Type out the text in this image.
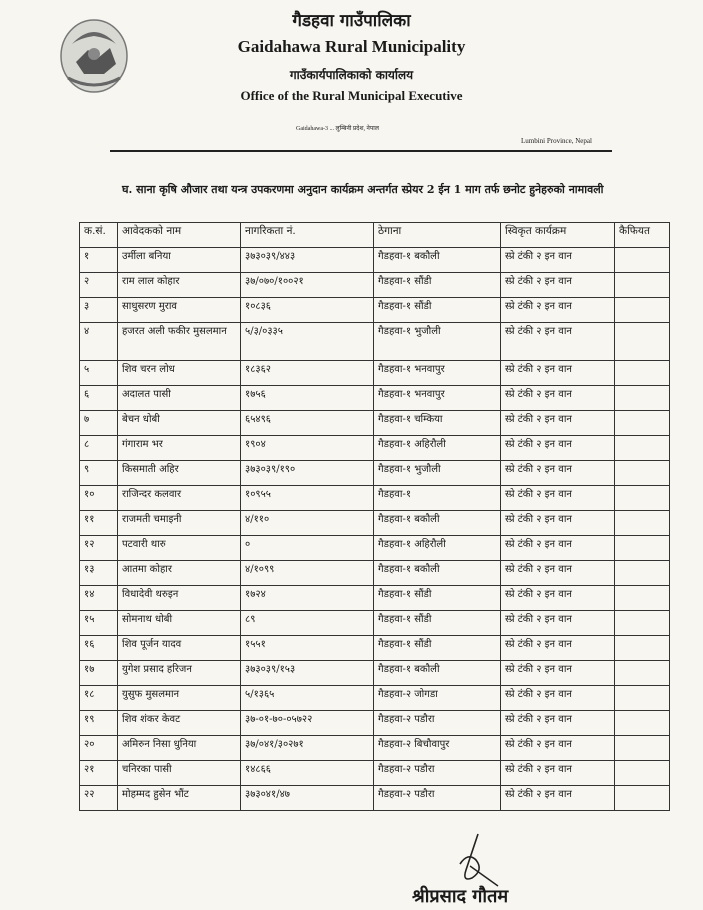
गैडहवा गाउँपालिका
Gaidahawa Rural Municipality
गाउँकार्यपालिकाको कार्यालय
Office of the Rural Municipal Executive
Gaidahawa-3 ... लुम्बिनी प्रदेश, नेपाल
Lumbini Province, Nepal
घ. साना कृषि औजार तथा यन्त्र उपकरणमा अनुदान कार्यक्रम अन्तर्गत स्प्रेयर 2 ईन 1 माग तर्फ छनोट हुनेहरुको नामावली
क.सं.	आवेदकको नाम	नागरिकता नं.	ठेगाना	स्विकृत कार्यक्रम	कैफियत
१	उर्मीला बनिया	३७३०३९/४४३	गैडहवा-१ बकौली	स्प्रे टंकी २ इन वान	
२	राम लाल कोहार	३७/०७०/१००२१	गैडहवा-१ सौंडी	स्प्रे टंकी २ इन वान	
३	साधुसरण मुराव	१०८३६	गैडहवा-१ सौंडी	स्प्रे टंकी २ इन वान	
४	हजरत अली फकीर मुसलमान	५/३/०३३५	गैडहवा-१ भुजौली	स्प्रे टंकी २ इन वान	
५	शिव चरन लोध	१८३६२	गैडहवा-१ भनवापुर	स्प्रे टंकी २ इन वान	
६	अदालत पासी	१७५६	गैडहवा-१ भनवापुर	स्प्रे टंकी २ इन वान	
७	बेचन धोबी	६५४९६	गैडहवा-१ चम्किया	स्प्रे टंकी २ इन वान	
८	गंगाराम भर	१९०४	गैडहवा-१ अहिरौली	स्प्रे टंकी २ इन वान	
९	किसमाती अहिर	३७३०३९/१९०	गैडहवा-१ भुजौली	स्प्रे टंकी २ इन वान	
१०	राजिन्दर कलवार	१०९५५	गैडहवा-१	स्प्रे टंकी २ इन वान	
११	राजमती चमाइनी	४/११०	गैडहवा-१ बकौली	स्प्रे टंकी २ इन वान	
१२	पटवारी थारु	०	गैडहवा-१ अहिरौली	स्प्रे टंकी २ इन वान	
१३	आतमा कोहार	४/१०९९	गैडहवा-१ बकौली	स्प्रे टंकी २ इन वान	
१४	विधादेवी थरुइन	१७२४	गैडहवा-१ सौंडी	स्प्रे टंकी २ इन वान	
१५	सोमनाथ धोबी	८९	गैडहवा-१ सौंडी	स्प्रे टंकी २ इन वान	
१६	शिव पूर्जन यादव	१५५१	गैडहवा-१ सौंडी	स्प्रे टंकी २ इन वान	
१७	युगेश प्रसाद हरिजन	३७३०३९/१५३	गैडहवा-१ बकौली	स्प्रे टंकी २ इन वान	
१८	युसुफ मुसलमान	५/१३६५	गैडहवा-२ जोगडा	स्प्रे टंकी २ इन वान	
१९	शिव शंकर केवट	३७-०१-७०-०५७२२	गैडहवा-२ पडौरा	स्प्रे टंकी २ इन वान	
२०	अमिरुन निसा धुनिया	३७/०४१/३०२७१	गैडहवा-२ बिचौवापुर	स्प्रे टंकी २ इन वान	
२१	चनिरका पासी	१४८६६	गैडहवा-२ पडौरा	स्प्रे टंकी २ इन वान	
२२	मोहम्मद हुसेन भौंट	३७३०४१/४७	गैडहवा-२ पडौरा	स्प्रे टंकी २ इन वान	
श्रीप्रसाद गौतम
